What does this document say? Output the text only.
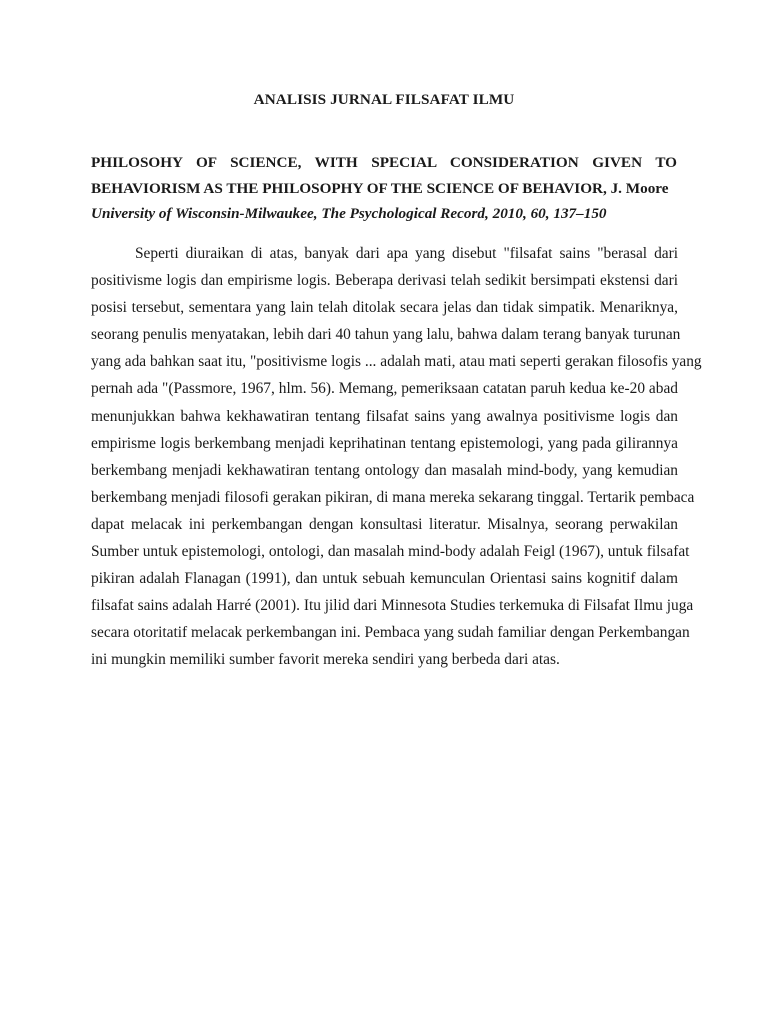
ANALISIS JURNAL FILSAFAT ILMU
PHILOSOHY OF SCIENCE, WITH SPECIAL CONSIDERATION GIVEN TO
BEHAVIORISM AS THE PHILOSOPHY OF THE SCIENCE OF BEHAVIOR, J. Moore
University of Wisconsin-Milwaukee, The Psychological Record, 2010, 60, 137–150
Seperti diuraikan di atas, banyak dari apa yang disebut "filsafat sains "berasal dari
positivisme logis dan empirisme logis. Beberapa derivasi telah sedikit bersimpati ekstensi dari
posisi tersebut, sementara yang lain telah ditolak secara jelas dan tidak simpatik. Menariknya,
seorang penulis menyatakan, lebih dari 40 tahun yang lalu, bahwa dalam terang banyak turunan
yang ada bahkan saat itu, "positivisme logis ... adalah mati, atau mati seperti gerakan filosofis yang
pernah ada "(Passmore, 1967, hlm. 56). Memang, pemeriksaan catatan paruh kedua ke-20 abad
menunjukkan bahwa kekhawatiran tentang filsafat sains yang awalnya positivisme logis dan
empirisme logis berkembang menjadi keprihatinan tentang epistemologi, yang pada gilirannya
berkembang menjadi kekhawatiran tentang ontology dan masalah mind-body, yang kemudian
berkembang menjadi filosofi gerakan pikiran, di mana mereka sekarang tinggal. Tertarik pembaca
dapat melacak ini perkembangan dengan konsultasi literatur. Misalnya, seorang perwakilan
Sumber untuk epistemologi, ontologi, dan masalah mind-body adalah Feigl (1967), untuk filsafat
pikiran adalah Flanagan (1991), dan untuk sebuah kemunculan Orientasi sains kognitif dalam
filsafat sains adalah Harré (2001). Itu jilid dari Minnesota Studies terkemuka di Filsafat Ilmu juga
secara otoritatif melacak perkembangan ini. Pembaca yang sudah familiar dengan Perkembangan
ini mungkin memiliki sumber favorit mereka sendiri yang berbeda dari atas.
